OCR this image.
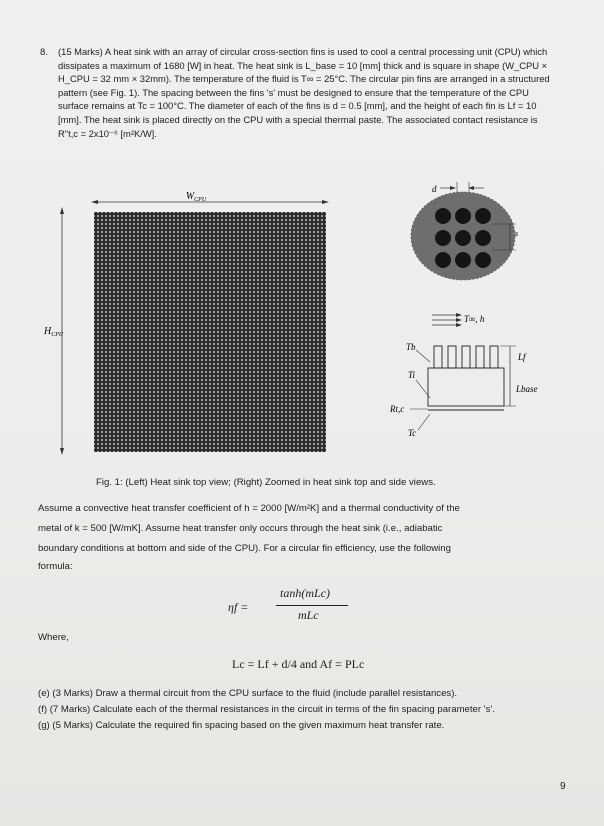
8. (15 Marks) A heat sink with an array of circular cross-section fins is used to cool a central processing unit (CPU) which dissipates a maximum of 1680 [W] in heat. The heat sink is L_base = 10 [mm] thick and is square in shape (W_CPU × H_CPU = 32 mm × 32mm). The temperature of the fluid is T∞ = 25°C. The circular pin fins are arranged in a structured pattern (see Fig. 1). The spacing between the fins 's' must be designed to ensure that the temperature of the CPU surface remains at Tc = 100°C. The diameter of each of the fins is d = 0.5 [mm], and the height of each fin is Lf = 10 [mm]. The heat sink is placed directly on the CPU with a special thermal paste. The associated contact resistance is R"t,c = 2x10⁻⁶ [m²K/W].
$W_{CPU}$
$H_{CPU}$
d
s
T∞, h
Lf
Lbase
Tb
Ti
Rt,c
Tc
Fig. 1: (Left) Heat sink top view; (Right) Zoomed in heat sink top and side views.
Assume a convective heat transfer coefficient of h = 2000 [W/m²K] and a thermal conductivity of the
metal of k = 500 [W/mK]. Assume heat transfer only occurs through the heat sink (i.e., adiabatic
boundary conditions at bottom and side of the CPU). For a circular fin efficiency, use the following
formula:
ηf =
tanh(mLc)
mLc
Where,
Lc = Lf + d/4 and Af = PLc
(e) (3 Marks) Draw a thermal circuit from the CPU surface to the fluid (include parallel resistances).
(f) (7 Marks) Calculate each of the thermal resistances in the circuit in terms of the fin spacing parameter 's'.
(g) (5 Marks) Calculate the required fin spacing based on the given maximum heat transfer rate.
9
